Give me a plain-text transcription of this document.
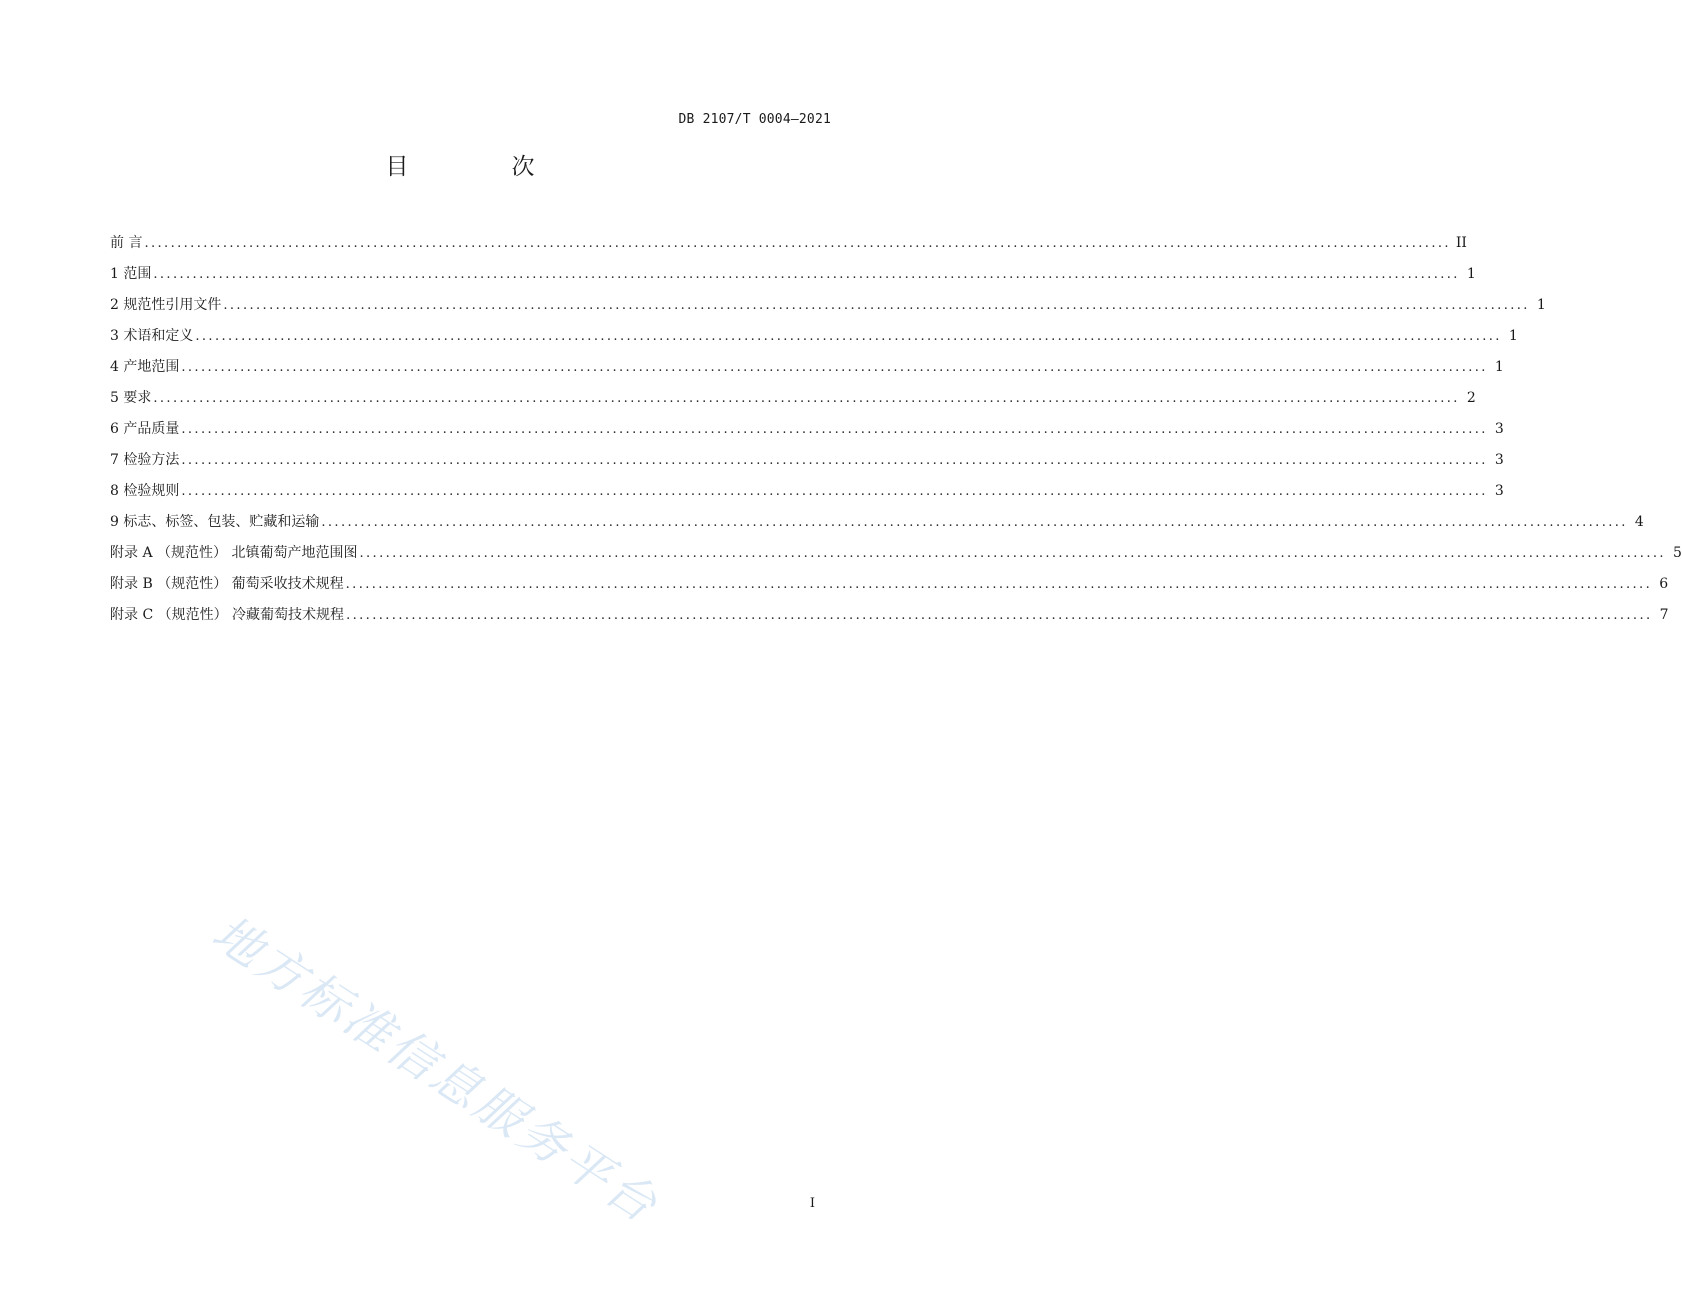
DB 2107/T 0004—2021
目　次
前 言 ........................................................................................................................................................................................................ II
1 范围 ........................................................................................................................................................................................................ 1
2 规范性引用文件 ........................................................................................................................................................................................................ 1
3 术语和定义 ........................................................................................................................................................................................................ 1
4 产地范围 ........................................................................................................................................................................................................ 1
5 要求 ........................................................................................................................................................................................................ 2
6 产品质量 ........................................................................................................................................................................................................ 3
7 检验方法 ........................................................................................................................................................................................................ 3
8 检验规则 ........................................................................................................................................................................................................ 3
9 标志、标签、包装、贮藏和运输 ........................................................................................................................................................................................................ 4
附录 A （规范性） 北镇葡萄产地范围图 ........................................................................................................................................................................................................ 5
附录 B （规范性） 葡萄采收技术规程 ........................................................................................................................................................................................................ 6
附录 C （规范性） 冷藏葡萄技术规程 ........................................................................................................................................................................................................ 7
地方标准信息服务平台	I
